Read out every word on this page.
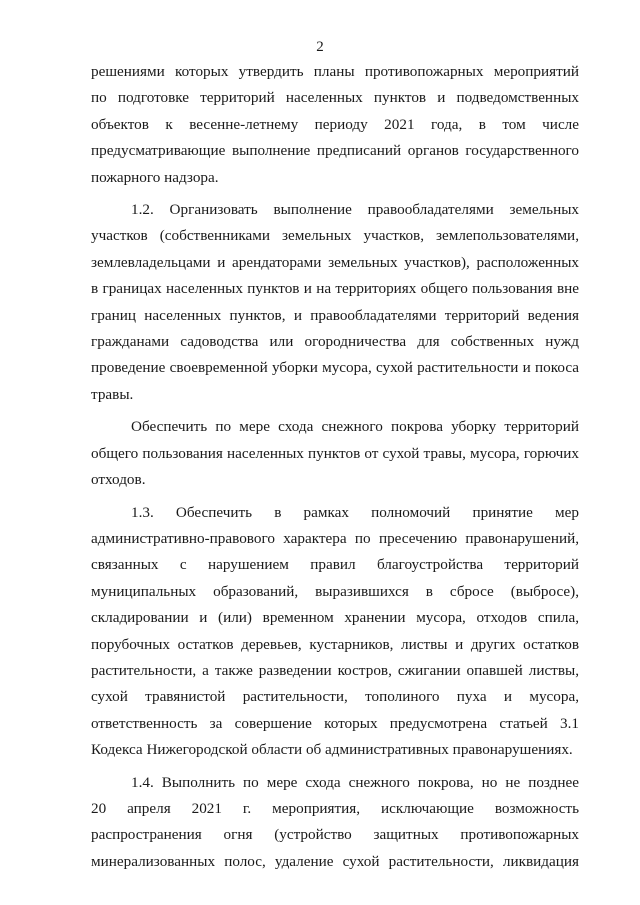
2
решениями которых утвердить планы противопожарных мероприятий
по подготовке территорий населенных пунктов и подведомственных
объектов к весенне-летнему периоду 2021 года, в том числе
предусматривающие выполнение предписаний органов государственного
пожарного надзора.
1.2. Организовать выполнение правообладателями земельных
участков (собственниками земельных участков, землепользователями,
землевладельцами и арендаторами земельных участков), расположенных
в границах населенных пунктов и на территориях общего пользования вне
границ населенных пунктов, и правообладателями территорий ведения
гражданами садоводства или огородничества для собственных нужд
проведение своевременной уборки мусора, сухой растительности и покоса
травы.
Обеспечить по мере схода снежного покрова уборку территорий
общего пользования населенных пунктов от сухой травы, мусора, горючих
отходов.
1.3. Обеспечить в рамках полномочий принятие мер
административно-правового характера по пресечению правонарушений,
связанных с нарушением правил благоустройства территорий
муниципальных образований, выразившихся в сбросе (выбросе),
складировании и (или) временном хранении мусора, отходов спила,
порубочных остатков деревьев, кустарников, листвы и других остатков
растительности, а также разведении костров, сжигании опавшей листвы,
сухой травянистой растительности, тополиного пуха и мусора,
ответственность за совершение которых предусмотрена статьей 3.1
Кодекса Нижегородской области об административных правонарушениях.
1.4. Выполнить по мере схода снежного покрова, но не позднее
20 апреля 2021 г. мероприятия, исключающие возможность
распространения огня (устройство защитных противопожарных
минерализованных полос, удаление сухой растительности, ликвидация
